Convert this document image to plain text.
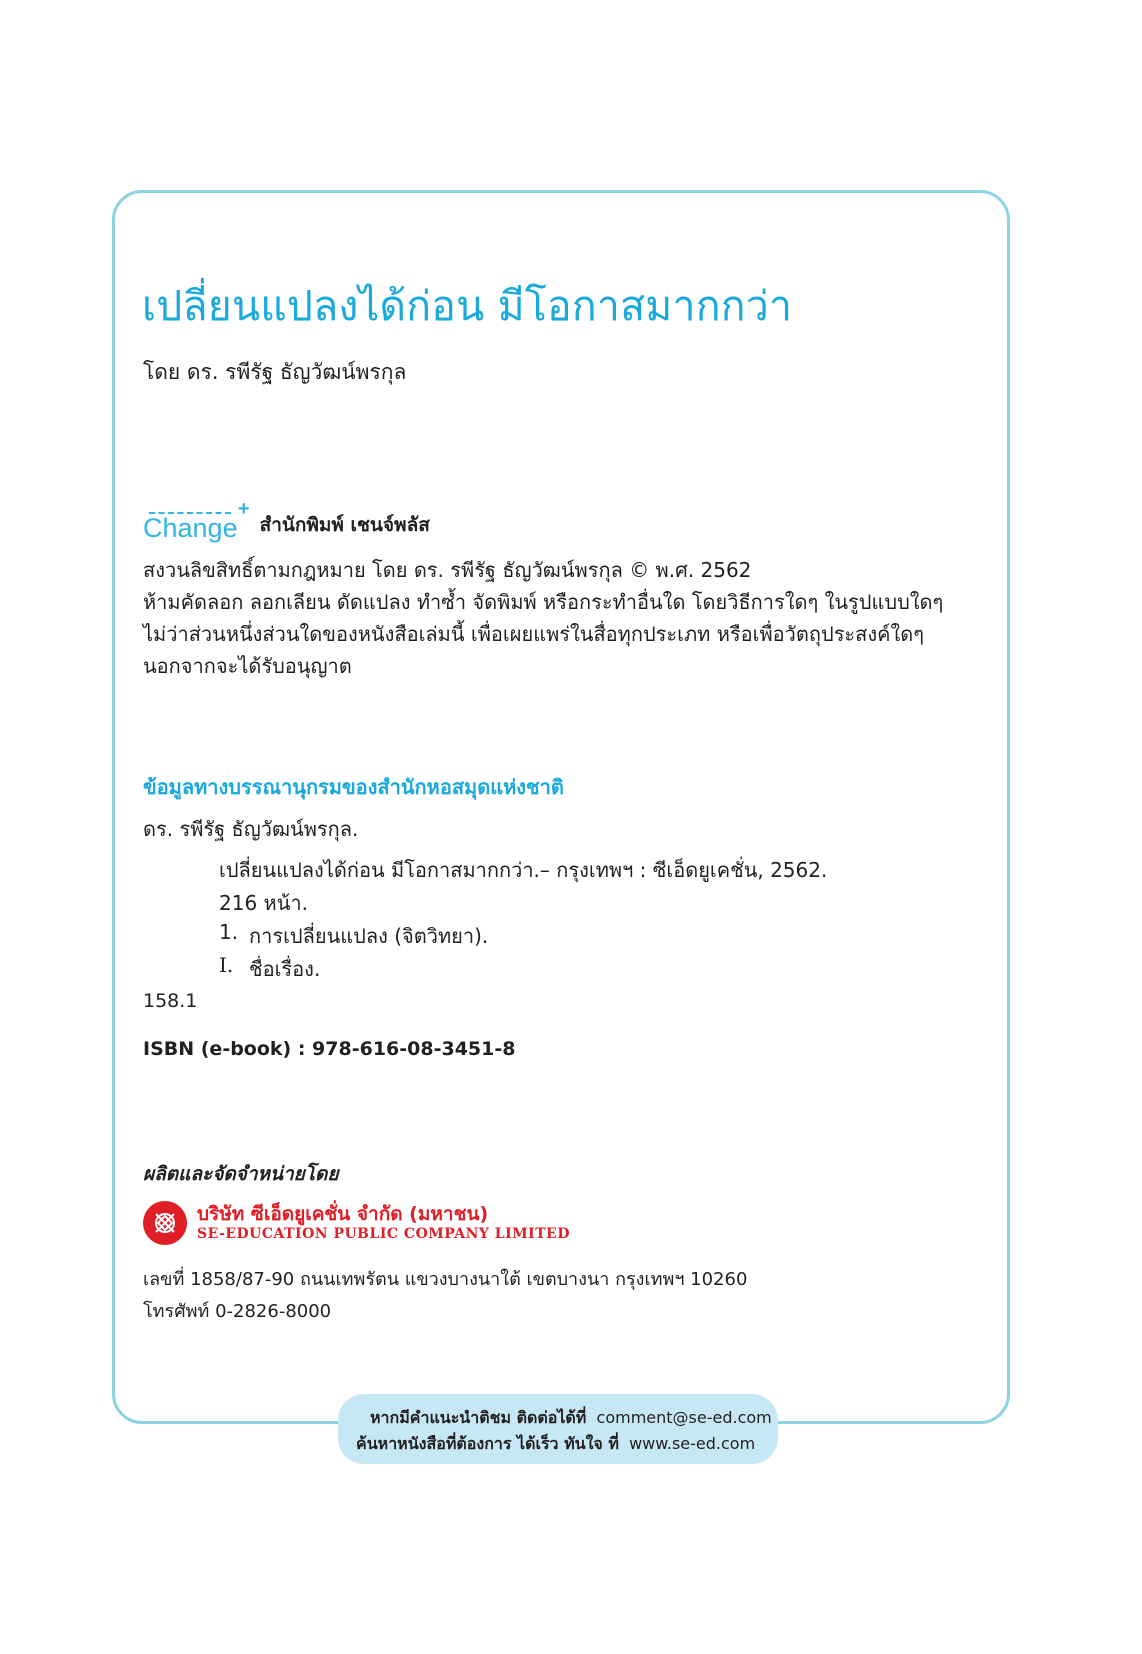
เปลี่ยนแปลงได้ก่อน มีโอกาสมากกว่า
โดย ดร. รพีรัฐ ธัญวัฒน์พรกุล
Change
+
สำนักพิมพ์ เชนจ์พลัส
สงวนลิขสิทธิ์ตามกฎหมาย โดย ดร. รพีรัฐ ธัญวัฒน์พรกุล © พ.ศ. 2562
ห้ามคัดลอก ลอกเลียน ดัดแปลง ทำซ้ำ จัดพิมพ์ หรือกระทำอื่นใด โดยวิธีการใดๆ ในรูปแบบใดๆ
ไม่ว่าส่วนหนึ่งส่วนใดของหนังสือเล่มนี้ เพื่อเผยแพร่ในสื่อทุกประเภท หรือเพื่อวัตถุประสงค์ใดๆ
นอกจากจะได้รับอนุญาต
ข้อมูลทางบรรณานุกรมของสำนักหอสมุดแห่งชาติ
ดร. รพีรัฐ ธัญวัฒน์พรกุล.
เปลี่ยนแปลงได้ก่อน มีโอกาสมากกว่า.– กรุงเทพฯ : ซีเอ็ดยูเคชั่น, 2562.
216 หน้า.
1. การเปลี่ยนแปลง (จิตวิทยา).
I. ชื่อเรื่อง.
158.1
ISBN (e-book) : 978-616-08-3451-8
ผลิตและจัดจำหน่ายโดย
บริษัท ซีเอ็ดยูเคชั่น จำกัด (มหาชน)
SE-EDUCATION PUBLIC COMPANY LIMITED
เลขที่ 1858/87-90 ถนนเทพรัตน แขวงบางนาใต้ เขตบางนา กรุงเทพฯ 10260
โทรศัพท์ 0-2826-8000
หากมีคำแนะนำติชม ติดต่อได้ที่ comment@se-ed.com
ค้นหาหนังสือที่ต้องการ ได้เร็ว ทันใจ ที่ www.se-ed.com
